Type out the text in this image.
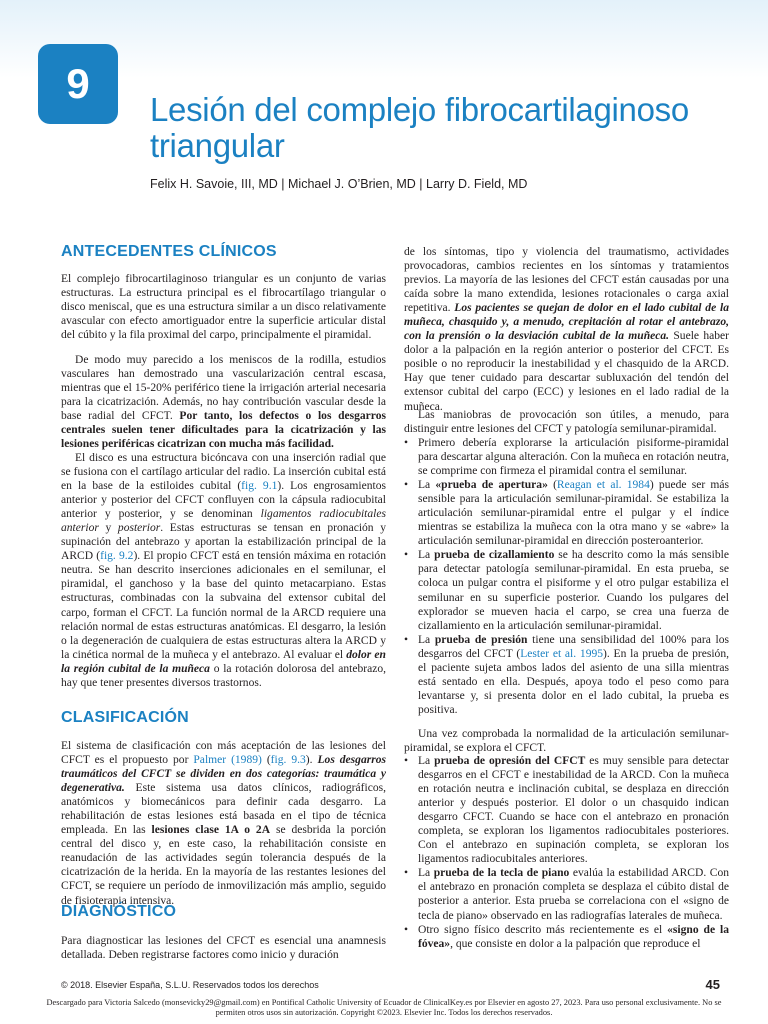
9
Lesión del complejo fibrocartilaginoso triangular

Felix H. Savoie, III, MD | Michael J. O’Brien, MD | Larry D. Field, MD

ANTECEDENTES CLÍNICOS

El complejo fibrocartilaginoso triangular es un conjunto de varias estructuras. La estructura principal es el fibrocartílago triangular o disco meniscal, que es una estructura similar a un disco relativamente avascular con efecto amortiguador entre la superficie articular distal del cúbito y la fila proximal del carpo, principalmente el piramidal.

De modo muy parecido a los meniscos de la rodilla, estudios vasculares han demostrado una vascularización central escasa, mientras que el 15-20% periférico tiene la irrigación arterial necesaria para la cicatrización. Además, no hay contribución vascular desde la base radial del CFCT. Por tanto, los defectos o los desgarros centrales suelen tener dificultades para la cicatrización y las lesiones periféricas cicatrizan con mucha más facilidad.

El disco es una estructura bicóncava con una inserción radial que se fusiona con el cartílago articular del radio. La inserción cubital está en la base de la estiloides cubital (fig. 9.1). Los engrosamientos anterior y posterior del CFCT confluyen con la cápsula radiocubital anterior y posterior, y se denominan ligamentos radiocubitales anterior y posterior. Estas estructuras se tensan en pronación y supinación del antebrazo y aportan la estabilización principal de la ARCD (fig. 9.2). El propio CFCT está en tensión máxima en rotación neutra. Se han descrito inserciones adicionales en el semilunar, el piramidal, el ganchoso y la base del quinto metacarpiano. Estas estructuras, combinadas con la subvaina del extensor cubital del carpo, forman el CFCT. La función normal de la ARCD requiere una relación normal de estas estructuras anatómicas. El desgarro, la lesión o la degeneración de cualquiera de estas estructuras altera la ARCD y la cinética normal de la muñeca y el antebrazo. Al evaluar el dolor en la región cubital de la muñeca o la rotación dolorosa del antebrazo, hay que tener presentes diversos trastornos.

CLASIFICACIÓN

El sistema de clasificación con más aceptación de las lesiones del CFCT es el propuesto por Palmer (1989) (fig. 9.3). Los desgarros traumáticos del CFCT se dividen en dos categorías: traumática y degenerativa. Este sistema usa datos clínicos, radiográficos, anatómicos y biomecánicos para definir cada desgarro. La rehabilitación de estas lesiones está basada en el tipo de técnica empleada. En las lesiones clase 1A o 2A se desbrida la porción central del disco y, en este caso, la rehabilitación consiste en reanudación de las actividades según tolerancia después de la cicatrización de la herida. En la mayoría de las restantes lesiones del CFCT, se requiere un período de inmovilización más amplio, seguido de fisioterapia intensiva.

DIAGNÓSTICO

Para diagnosticar las lesiones del CFCT es esencial una anamnesis detallada. Deben registrarse factores como inicio y duración

de los síntomas, tipo y violencia del traumatismo, actividades provocadoras, cambios recientes en los síntomas y tratamientos previos. La mayoría de las lesiones del CFCT están causadas por una caída sobre la mano extendida, lesiones rotacionales o carga axial repetitiva. Los pacientes se quejan de dolor en el lado cubital de la muñeca, chasquido y, a menudo, crepitación al rotar el antebrazo, con la prensión o la desviación cubital de la muñeca. Suele haber dolor a la palpación en la región anterior o posterior del CFCT. Es posible o no reproducir la inestabilidad y el chasquido de la ARCD. Hay que tener cuidado para descartar subluxación del tendón del extensor cubital del carpo (ECC) y lesiones en el lado radial de la muñeca.

Las maniobras de provocación son útiles, a menudo, para distinguir entre lesiones del CFCT y patología semilunar-piramidal.

• Primero debería explorarse la articulación pisiforme-piramidal para descartar alguna alteración. Con la muñeca en rotación neutra, se comprime con firmeza el piramidal contra el semilunar.
• La «prueba de apertura» (Reagan et al. 1984) puede ser más sensible para la articulación semilunar-piramidal. Se estabiliza la articulación semilunar-piramidal entre el pulgar y el índice mientras se estabiliza la muñeca con la otra mano y se «abre» la articulación semilunar-piramidal en dirección posteroanterior.
• La prueba de cizallamiento se ha descrito como la más sensible para detectar patología semilunar-piramidal. En esta prueba, se coloca un pulgar contra el pisiforme y el otro pulgar estabiliza el semilunar en su superficie posterior. Cuando los pulgares del explorador se mueven hacia el carpo, se crea una fuerza de cizallamiento en la articulación semilunar-piramidal.
• La prueba de presión tiene una sensibilidad del 100% para los desgarros del CFCT (Lester et al. 1995). En la prueba de presión, el paciente sujeta ambos lados del asiento de una silla mientras está sentado en ella. Después, apoya todo el peso como para levantarse y, si presenta dolor en el lado cubital, la prueba es positiva.

Una vez comprobada la normalidad de la articulación semilunar-piramidal, se explora el CFCT.

• La prueba de opresión del CFCT es muy sensible para detectar desgarros en el CFCT e inestabilidad de la ARCD. Con la muñeca en rotación neutra e inclinación cubital, se desplaza en dirección anterior y después posterior. El dolor o un chasquido indican desgarro CFCT. Cuando se hace con el antebrazo en pronación completa, se exploran los ligamentos radiocubitales posteriores. Con el antebrazo en supinación completa, se exploran los ligamentos radiocubitales anteriores.
• La prueba de la tecla de piano evalúa la estabilidad ARCD. Con el antebrazo en pronación completa se desplaza el cúbito distal de posterior a anterior. Esta prueba se correlaciona con el «signo de tecla de piano» observado en las radiografías laterales de muñeca.
• Otro signo físico descrito más recientemente es el «signo de la fóvea», que consiste en dolor a la palpación que reproduce el

© 2018. Elsevier España, S.L.U. Reservados todos los derechos	45

Descargado para Victoria Salcedo (monsevicky29@gmail.com) en Pontifical Catholic University of Ecuador de ClinicalKey.es por Elsevier en agosto 27, 2023. Para uso personal exclusivamente. No se permiten otros usos sin autorización. Copyright ©2023. Elsevier Inc. Todos los derechos reservados.
